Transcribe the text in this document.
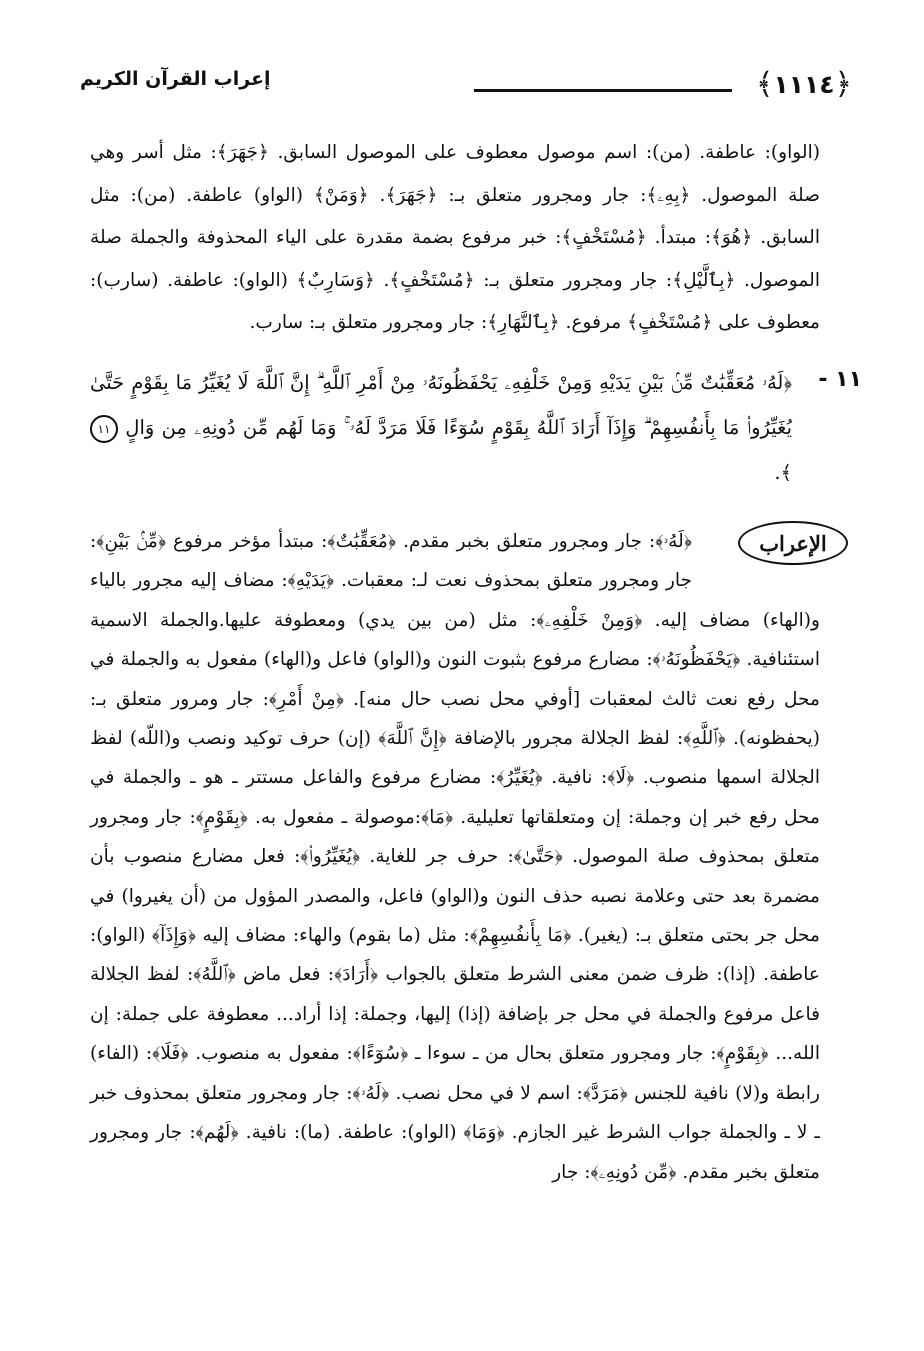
﴾ ١١١٤ ﴿
إعراب القرآن الكريم
(الواو): عاطفة. (من): اسم موصول معطوف على الموصول السابق. ﴿جَهَرَ﴾: مثل أسر وهي صلة الموصول. ﴿بِهِۦ﴾: جار ومجرور متعلق بـ: ﴿جَهَرَ﴾. ﴿وَمَنْ﴾ (الواو) عاطفة. (من): مثل السابق. ﴿هُوَ﴾: مبتدأ. ﴿مُسْتَخْفٍ﴾: خبر مرفوع بضمة مقدرة على الياء المحذوفة والجملة صلة الموصول. ﴿بِٱلَّيْلِ﴾: جار ومجرور متعلق بـ: ﴿مُسْتَخْفٍ﴾. ﴿وَسَارِبٌ﴾ (الواو): عاطفة. (سارب): معطوف على ﴿مُسْتَخْفٍ﴾ مرفوع. ﴿بِٱلنَّهَارِ﴾: جار ومجرور متعلق بـ: سارب.
١١ -
﴿لَهُۥ مُعَقِّبَٰتٌ مِّنۢ بَيْنِ يَدَيْهِ وَمِنْ خَلْفِهِۦ يَحْفَظُونَهُۥ مِنْ أَمْرِ ٱللَّهِ ۗ إِنَّ ٱللَّهَ لَا يُغَيِّرُ مَا بِقَوْمٍ حَتَّىٰ يُغَيِّرُوا۟ مَا بِأَنفُسِهِمْ ۗ وَإِذَآ أَرَادَ ٱللَّهُ بِقَوْمٍ سُوٓءًا فَلَا مَرَدَّ لَهُۥ ۚ وَمَا لَهُم مِّن دُونِهِۦ مِن وَالٍ ١١ ﴾.
الإعراب
﴿لَهُۥ﴾: جار ومجرور متعلق بخبر مقدم. ﴿مُعَقِّبَٰتٌ﴾: مبتدأ مؤخر مرفوع ﴿مِّنۢ بَيْنِ﴾: جار ومجرور متعلق بمحذوف نعت لـ: معقبات. ﴿يَدَيْهِ﴾: مضاف إليه مجرور بالياء و(الهاء) مضاف إليه. ﴿وَمِنْ خَلْفِهِۦ﴾: مثل (من بين يدي) ومعطوفة عليها.والجملة الاسمية استئنافية. ﴿يَحْفَظُونَهُۥ﴾: مضارع مرفوع بثبوت النون و(الواو) فاعل و(الهاء) مفعول به والجملة في محل رفع نعت ثالث لمعقبات [أوفي محل نصب حال منه]. ﴿مِنْ أَمْرِ﴾: جار ومرور متعلق بـ: (يحفظونه). ﴿ٱللَّهِ﴾: لفظ الجلالة مجرور بالإضافة ﴿إِنَّ ٱللَّهَ﴾ (إن) حرف توكيد ونصب و(اللّه) لفظ الجلالة اسمها منصوب. ﴿لَا﴾: نافية. ﴿يُغَيِّرُ﴾: مضارع مرفوع والفاعل مستتر ـ هو ـ والجملة في محل رفع خبر إن وجملة: إن ومتعلقاتها تعليلية. ﴿مَا﴾:موصولة ـ مفعول به. ﴿بِقَوْمٍ﴾: جار ومجرور متعلق بمحذوف صلة الموصول. ﴿حَتَّىٰ﴾: حرف جر للغاية. ﴿يُغَيِّرُوا۟﴾: فعل مضارع منصوب بأن مضمرة بعد حتى وعلامة نصبه حذف النون و(الواو) فاعل، والمصدر المؤول من (أن يغيروا) في محل جر بحتى متعلق بـ: (يغير). ﴿مَا بِأَنفُسِهِمْ﴾: مثل (ما بقوم) والهاء: مضاف إليه ﴿وَإِذَآ﴾ (الواو): عاطفة. (إذا): ظرف ضمن معنى الشرط متعلق بالجواب ﴿أَرَادَ﴾: فعل ماض ﴿ٱللَّهُ﴾: لفظ الجلالة فاعل مرفوع والجملة في محل جر بإضافة (إذا) إليها، وجملة: إذا أراد... معطوفة على جملة: إن الله... ﴿بِقَوْمٍ﴾: جار ومجرور متعلق بحال من ـ سوءا ـ ﴿سُوٓءًا﴾: مفعول به منصوب. ﴿فَلَا﴾: (الفاء) رابطة و(لا) نافية للجنس ﴿مَرَدَّ﴾: اسم لا في محل نصب. ﴿لَهُۥ﴾: جار ومجرور متعلق بمحذوف خبر ـ لا ـ والجملة جواب الشرط غير الجازم. ﴿وَمَا﴾ (الواو): عاطفة. (ما): نافية. ﴿لَهُم﴾: جار ومجرور متعلق بخبر مقدم. ﴿مِّن دُونِهِۦ﴾: جار
